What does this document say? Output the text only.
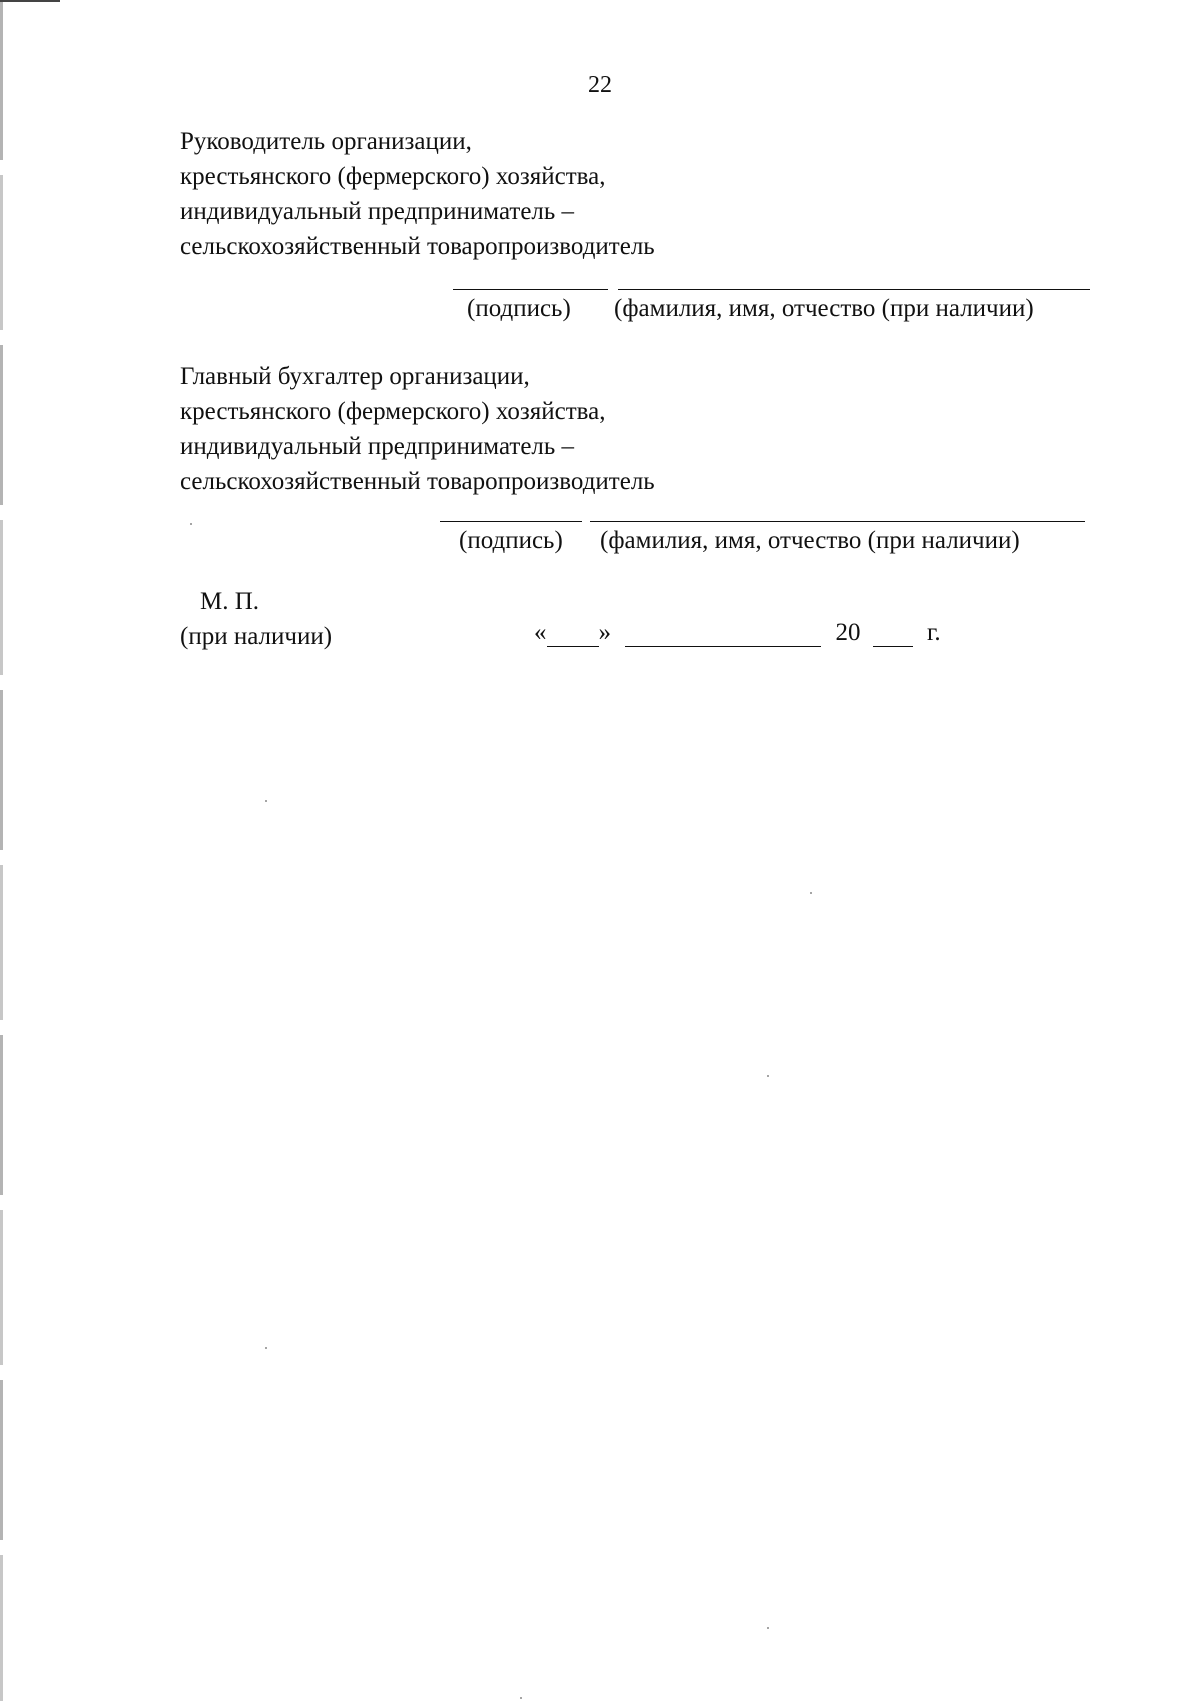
22
Руководитель организации,
крестьянского (фермерского) хозяйства,
индивидуальный предприниматель –
сельскохозяйственный товаропроизводитель
(подпись) (фамилия, имя, отчество (при наличии)
Главный бухгалтер организации,
крестьянского (фермерского) хозяйства,
индивидуальный предприниматель –
сельскохозяйственный товаропроизводитель
(подпись) (фамилия, имя, отчество (при наличии)
М. П.
(при наличии)	« »	20	г.
